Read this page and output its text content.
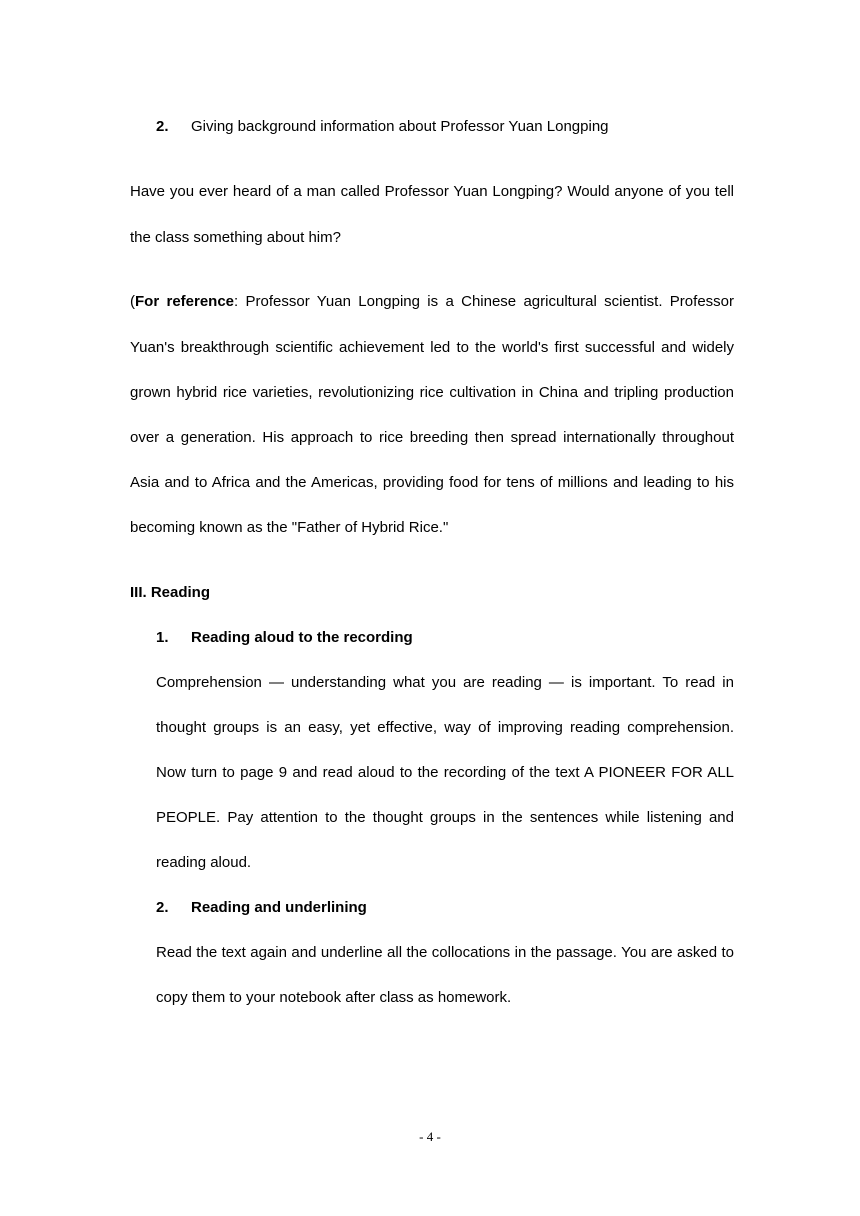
2. Giving background information about Professor Yuan Longping
Have you ever heard of a man called Professor Yuan Longping? Would anyone of you tell
the class something about him?
(For reference: Professor Yuan Longping is a Chinese agricultural scientist. Professor
Yuan's breakthrough scientific achievement led to the world's first successful and widely
grown hybrid rice varieties, revolutionizing rice cultivation in China and tripling production
over a generation. His approach to rice breeding then spread internationally throughout
Asia and to Africa and the Americas, providing food for tens of millions and leading to his
becoming known as the "Father of Hybrid Rice."
III. Reading
1. Reading aloud to the recording
Comprehension — understanding what you are reading — is important. To read in
thought groups is an easy, yet effective, way of improving reading comprehension.
Now turn to page 9 and read aloud to the recording of the text A PIONEER FOR ALL
PEOPLE. Pay attention to the thought groups in the sentences while listening and
reading aloud.
2. Reading and underlining
Read the text again and underline all the collocations in the passage. You are asked to
copy them to your notebook after class as homework.
- 4 -
